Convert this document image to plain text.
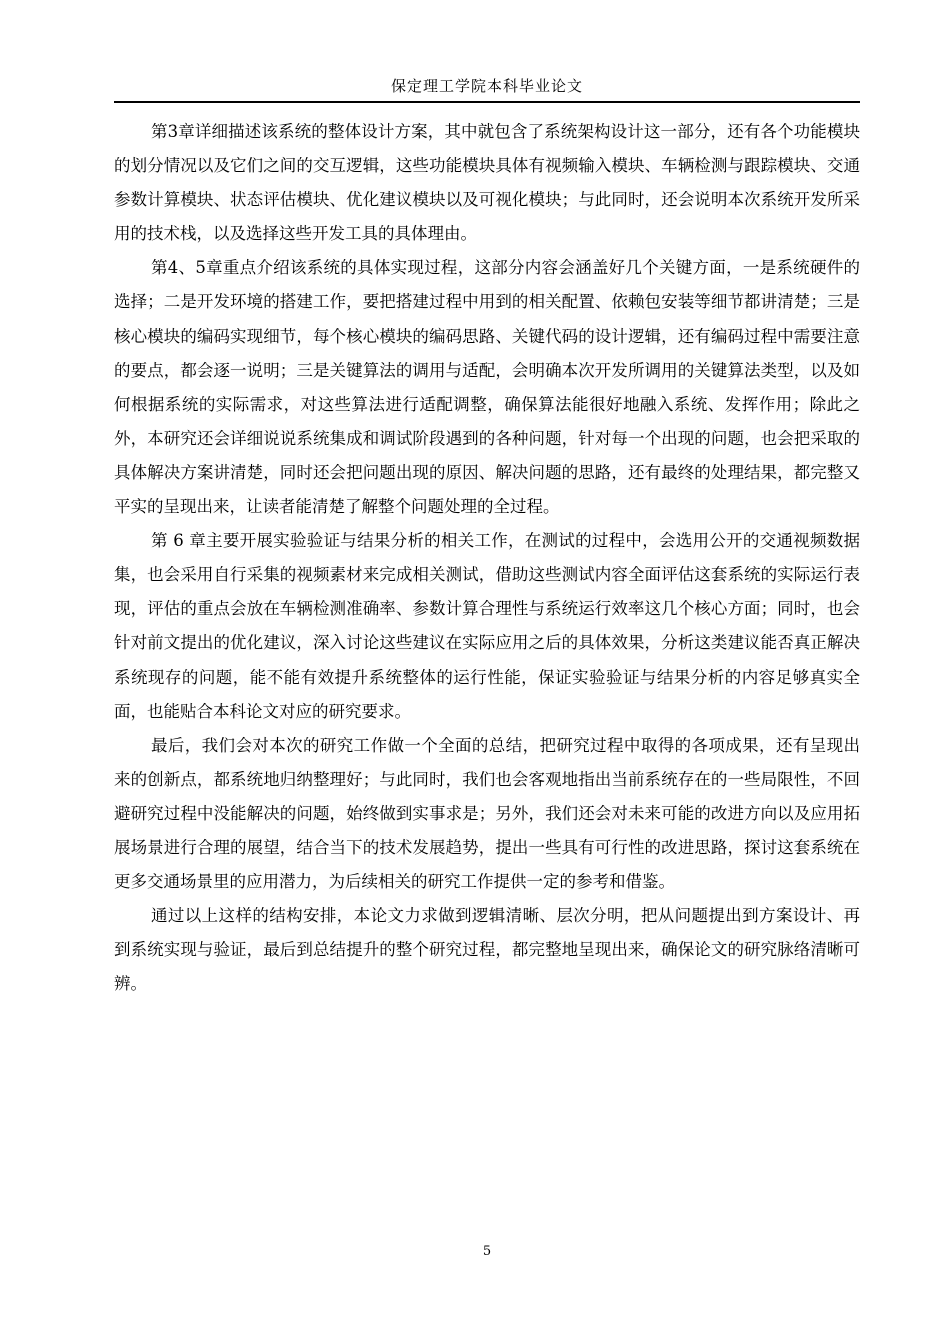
保定理工学院本科毕业论文

第3章详细描述该系统的整体设计方案，其中就包含了系统架构设计这一部分，还有各个功能模块的划分情况以及它们之间的交互逻辑，这些功能模块具体有视频输入模块、车辆检测与跟踪模块、交通参数计算模块、状态评估模块、优化建议模块以及可视化模块；与此同时，还会说明本次系统开发所采用的技术栈，以及选择这些开发工具的具体理由。

第4、5章重点介绍该系统的具体实现过程，这部分内容会涵盖好几个关键方面，一是系统硬件的选择；二是开发环境的搭建工作，要把搭建过程中用到的相关配置、依赖包安装等细节都讲清楚；三是核心模块的编码实现细节，每个核心模块的编码思路、关键代码的设计逻辑，还有编码过程中需要注意的要点，都会逐一说明；三是关键算法的调用与适配，会明确本次开发所调用的关键算法类型，以及如何根据系统的实际需求，对这些算法进行适配调整，确保算法能很好地融入系统、发挥作用；除此之外，本研究还会详细说说系统集成和调试阶段遇到的各种问题，针对每一个出现的问题，也会把采取的具体解决方案讲清楚，同时还会把问题出现的原因、解决问题的思路，还有最终的处理结果，都完整又平实的呈现出来，让读者能清楚了解整个问题处理的全过程。

第 6 章主要开展实验验证与结果分析的相关工作，在测试的过程中，会选用公开的交通视频数据集，也会采用自行采集的视频素材来完成相关测试，借助这些测试内容全面评估这套系统的实际运行表现，评估的重点会放在车辆检测准确率、参数计算合理性与系统运行效率这几个核心方面；同时，也会针对前文提出的优化建议，深入讨论这些建议在实际应用之后的具体效果，分析这类建议能否真正解决系统现存的问题，能不能有效提升系统整体的运行性能，保证实验验证与结果分析的内容足够真实全面，也能贴合本科论文对应的研究要求。

最后，我们会对本次的研究工作做一个全面的总结，把研究过程中取得的各项成果，还有呈现出来的创新点，都系统地归纳整理好；与此同时，我们也会客观地指出当前系统存在的一些局限性，不回避研究过程中没能解决的问题，始终做到实事求是；另外，我们还会对未来可能的改进方向以及应用拓展场景进行合理的展望，结合当下的技术发展趋势，提出一些具有可行性的改进思路，探讨这套系统在更多交通场景里的应用潜力，为后续相关的研究工作提供一定的参考和借鉴。

通过以上这样的结构安排，本论文力求做到逻辑清晰、层次分明，把从问题提出到方案设计、再到系统实现与验证，最后到总结提升的整个研究过程，都完整地呈现出来，确保论文的研究脉络清晰可辨。

5
